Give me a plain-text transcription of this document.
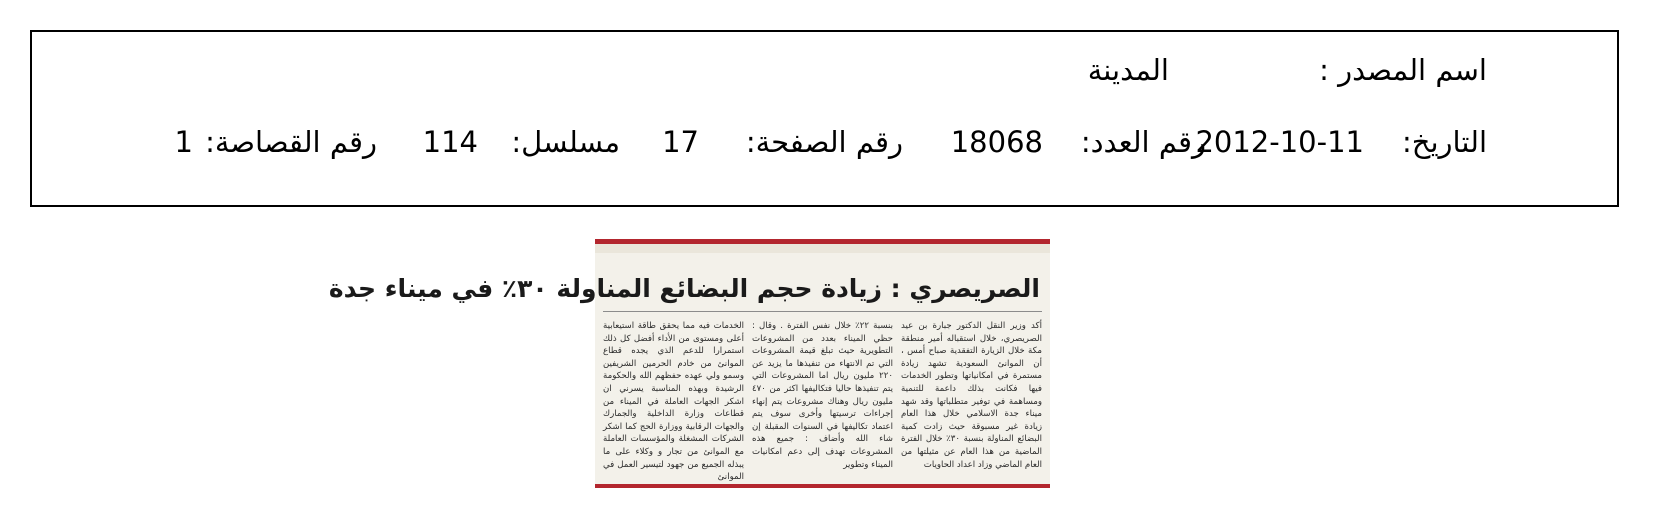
اسم المصدر :
المدينة
التاريخ:
2012-10-11
رقم العدد:
18068
رقم الصفحة:
17
مسلسل:
114
رقم القصاصة:
1
الصريصري : زيادة حجم البضائع المناولة ٣٠٪ في ميناء جدة
أكد وزير النقل الدكتور جبارة بن عيد الصريصري، خلال استقباله أمير منطقة مكة خلال الزيارة التفقدية صباح أمس ، أن الموانئ السعودية تشهد زيادة مستمرة في امكانياتها وتطور الخدمات فيها فكانت بذلك داعمة للتنمية ومساهمة في توفير متطلباتها وقد شهد ميناء جدة الاسلامي خلال هذا العام زيادة غير مسبوقة حيث زادت كمية البضائع المناولة بنسبة ٣٠٪ خلال الفترة الماضية من هذا العام عن مثيلتها من العام الماضي وزاد اعداد الحاويات
بنسبة ٢٢٪ خلال نفس الفترة . وقال : حظي الميناء بعدد من المشروعات التطويرية حيث تبلغ قيمة المشروعات التي تم الانتهاء من تنفيذها ما يزيد عن ٢٢٠ مليون ريال اما المشروعات التي يتم تنفيذها حاليا فتكاليفها اكثر من ٤٧٠ مليون ريال وهناك مشروعات يتم إنهاء إجراءات ترسيتها وأخرى سوف يتم اعتماد تكاليفها في السنوات المقبلة إن شاء الله وأضاف : جميع هذه المشروعات تهدف إلى دعم امكانيات الميناء وتطوير
الخدمات فيه مما يحقق طاقة استيعابية أعلى ومستوى من الأداء أفضل كل ذلك استمرارا للدعم الذي يجده قطاع الموانئ من خادم الحرمين الشريفين وسمو ولي عهده حفظهم الله والحكومة الرشيدة وبهذه المناسبة يسرني ان اشكر الجهات العاملة في الميناء من قطاعات وزارة الداخلية والجمارك والجهات الرقابية ووزارة الحج كما اشكر الشركات المشغلة والمؤسسات العاملة مع الموانئ من تجار و وكلاء على ما يبذله الجميع من جهود لتيسير العمل في الموانئ
